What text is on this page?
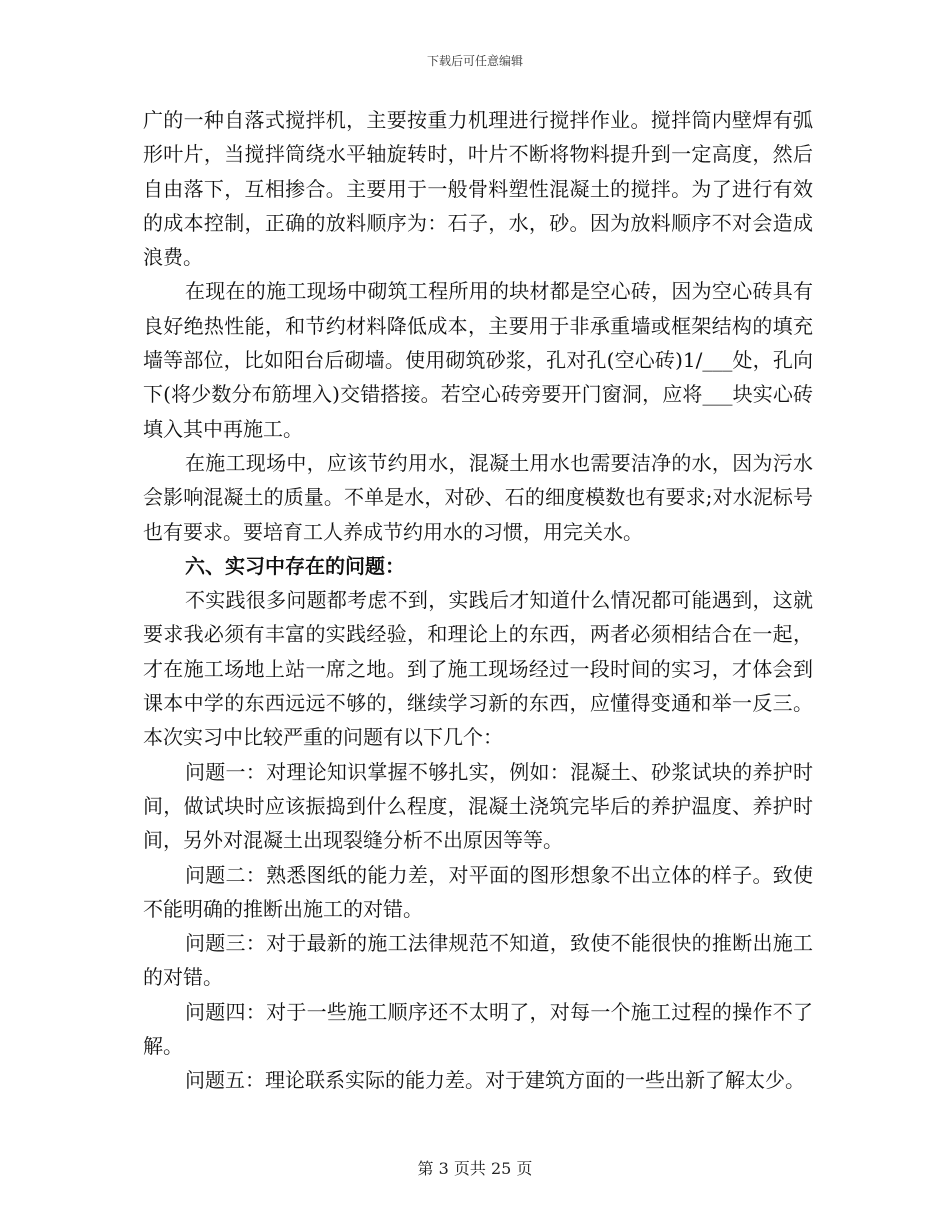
下载后可任意编辑

广的一种自落式搅拌机，主要按重力机理进行搅拌作业。搅拌筒内壁焊有弧形叶片，当搅拌筒绕水平轴旋转时，叶片不断将物料提升到一定高度，然后自由落下，互相掺合。主要用于一般骨料塑性混凝土的搅拌。为了进行有效的成本控制，正确的放料顺序为：石子，水，砂。因为放料顺序不对会造成浪费。

在现在的施工现场中砌筑工程所用的块材都是空心砖，因为空心砖具有良好绝热性能，和节约材料降低成本，主要用于非承重墙或框架结构的填充墙等部位，比如阳台后砌墙。使用砌筑砂浆，孔对孔(空心砖)1/___处，孔向下(将少数分布筋埋入)交错搭接。若空心砖旁要开门窗洞，应将___块实心砖填入其中再施工。

在施工现场中，应该节约用水，混凝土用水也需要洁净的水，因为污水会影响混凝土的质量。不单是水，对砂、石的细度模数也有要求;对水泥标号也有要求。要培育工人养成节约用水的习惯，用完关水。

六、实习中存在的问题：

不实践很多问题都考虑不到，实践后才知道什么情况都可能遇到，这就要求我必须有丰富的实践经验，和理论上的东西，两者必须相结合在一起，才在施工场地上站一席之地。到了施工现场经过一段时间的实习，才体会到课本中学的东西远远不够的，继续学习新的东西，应懂得变通和举一反三。本次实习中比较严重的问题有以下几个：

问题一：对理论知识掌握不够扎实，例如：混凝土、砂浆试块的养护时间，做试块时应该振捣到什么程度，混凝土浇筑完毕后的养护温度、养护时间，另外对混凝土出现裂缝分析不出原因等等。

问题二：熟悉图纸的能力差，对平面的图形想象不出立体的样子。致使不能明确的推断出施工的对错。

问题三：对于最新的施工法律规范不知道，致使不能很快的推断出施工的对错。

问题四：对于一些施工顺序还不太明了，对每一个施工过程的操作不了解。

问题五：理论联系实际的能力差。对于建筑方面的一些出新了解太少。

第 3 页共 25 页
